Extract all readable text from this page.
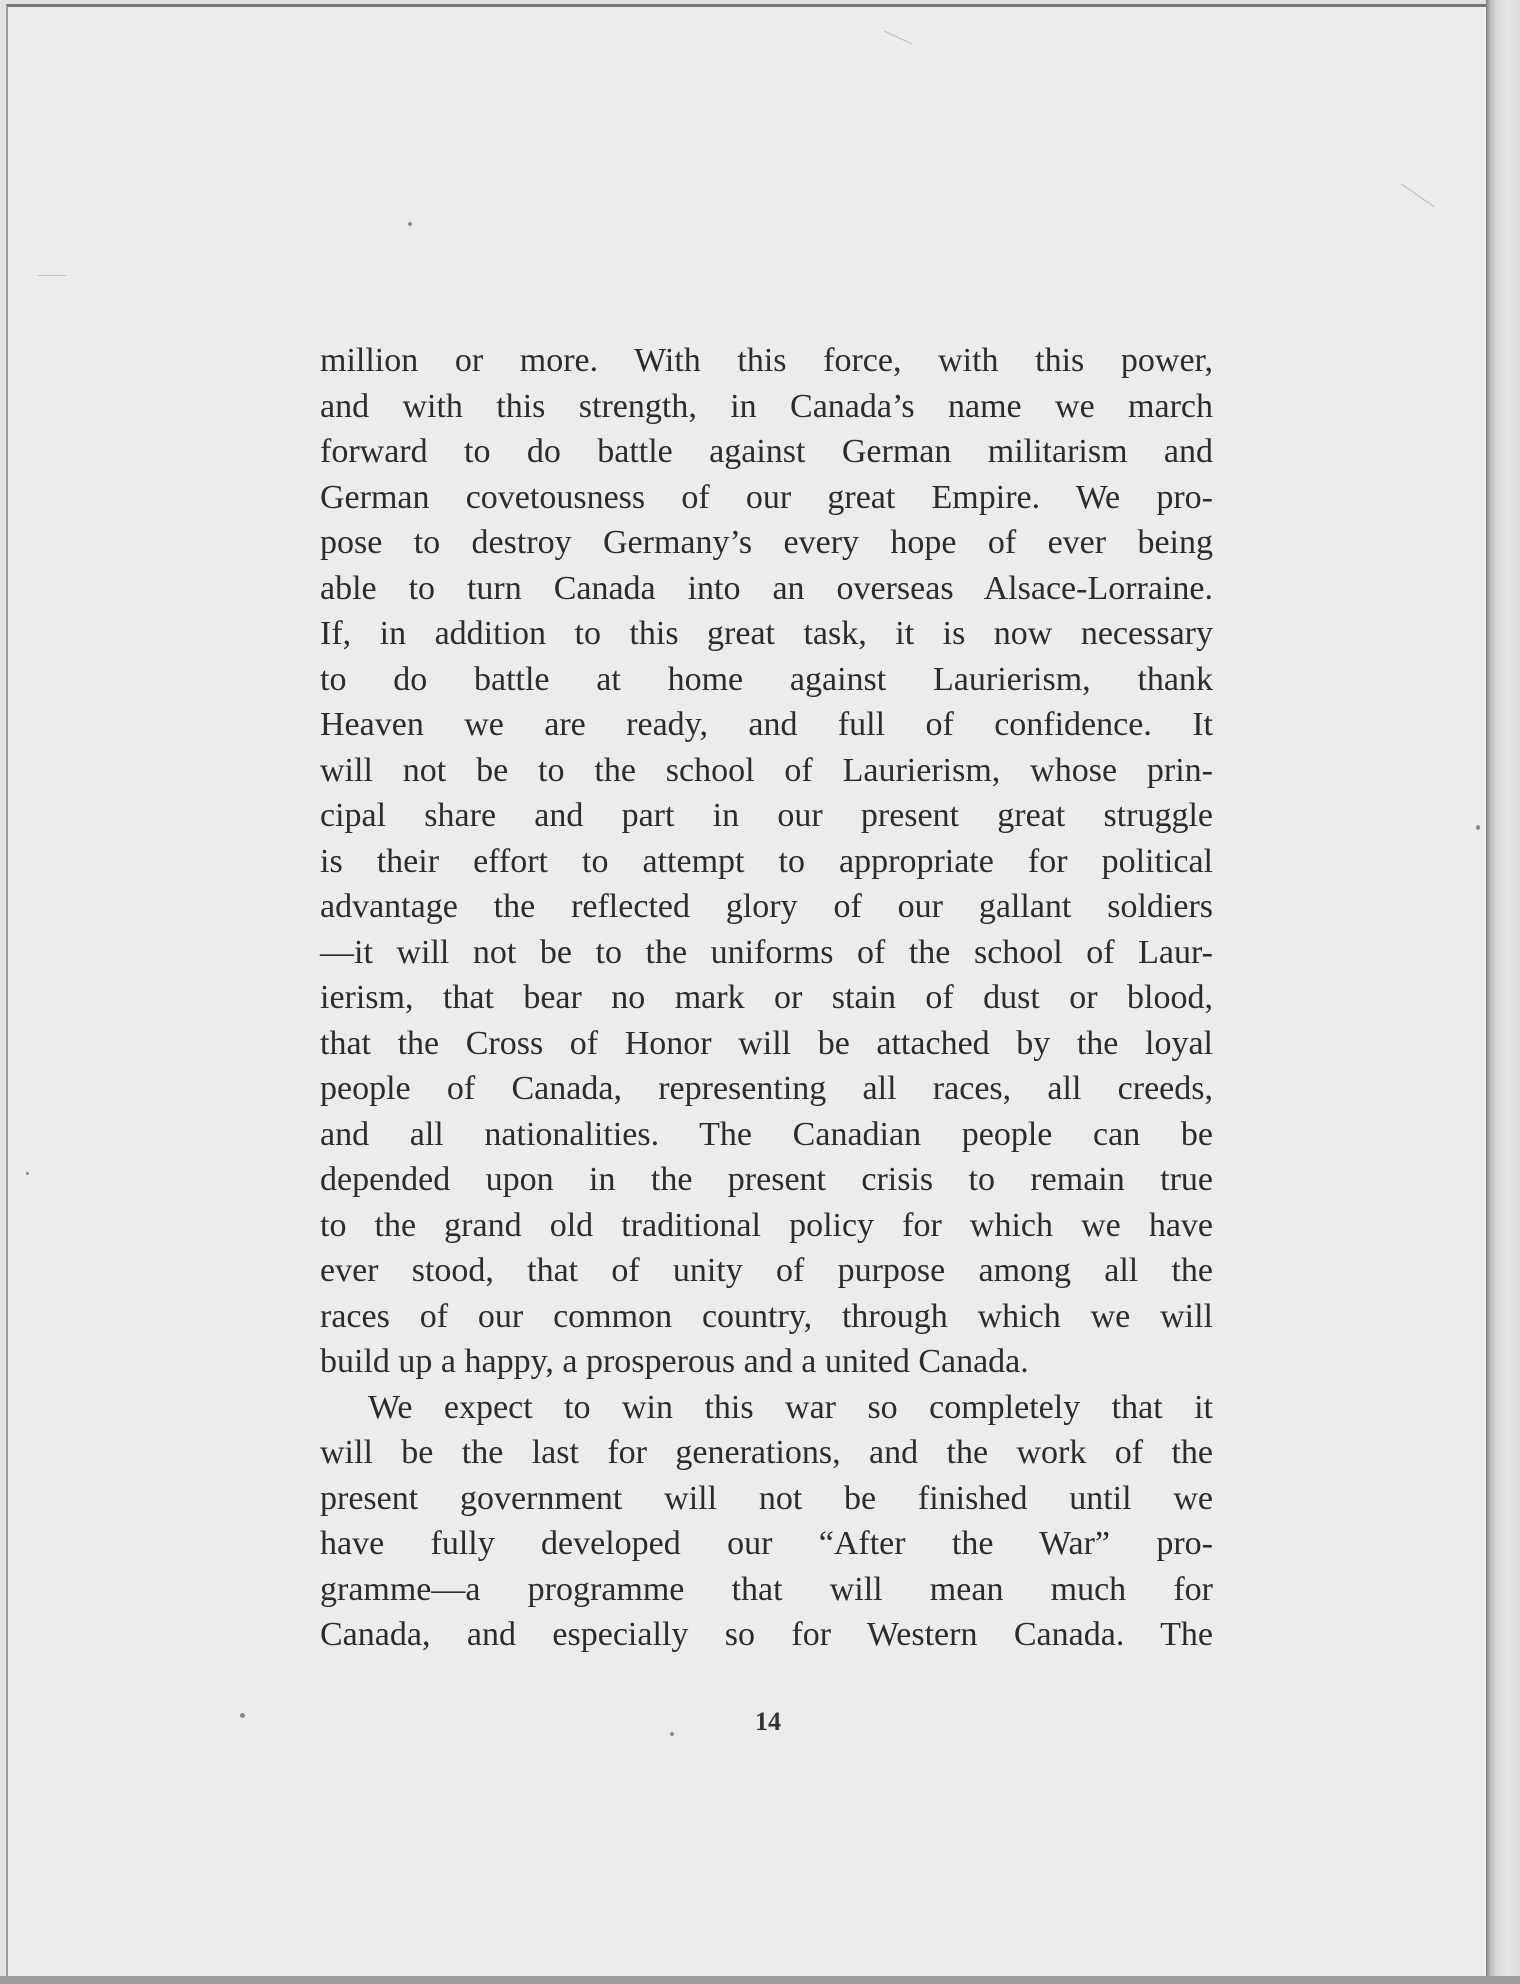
million or more. With this force, with this power,
and with this strength, in Canada’s name we march
forward to do battle against German militarism and
German covetousness of our great Empire. We pro-
pose to destroy Germany’s every hope of ever being
able to turn Canada into an overseas Alsace-Lorraine.
If, in addition to this great task, it is now necessary
to do battle at home against Laurierism, thank
Heaven we are ready, and full of confidence. It
will not be to the school of Laurierism, whose prin-
cipal share and part in our present great struggle
is their effort to attempt to appropriate for political
advantage the reflected glory of our gallant soldiers
—it will not be to the uniforms of the school of Laur-
ierism, that bear no mark or stain of dust or blood,
that the Cross of Honor will be attached by the loyal
people of Canada, representing all races, all creeds,
and all nationalities. The Canadian people can be
depended upon in the present crisis to remain true
to the grand old traditional policy for which we have
ever stood, that of unity of purpose among all the
races of our common country, through which we will
build up a happy, a prosperous and a united Canada.
We expect to win this war so completely that it
will be the last for generations, and the work of the
present government will not be finished until we
have fully developed our “After the War” pro-
gramme—a programme that will mean much for
Canada, and especially so for Western Canada. The
14
